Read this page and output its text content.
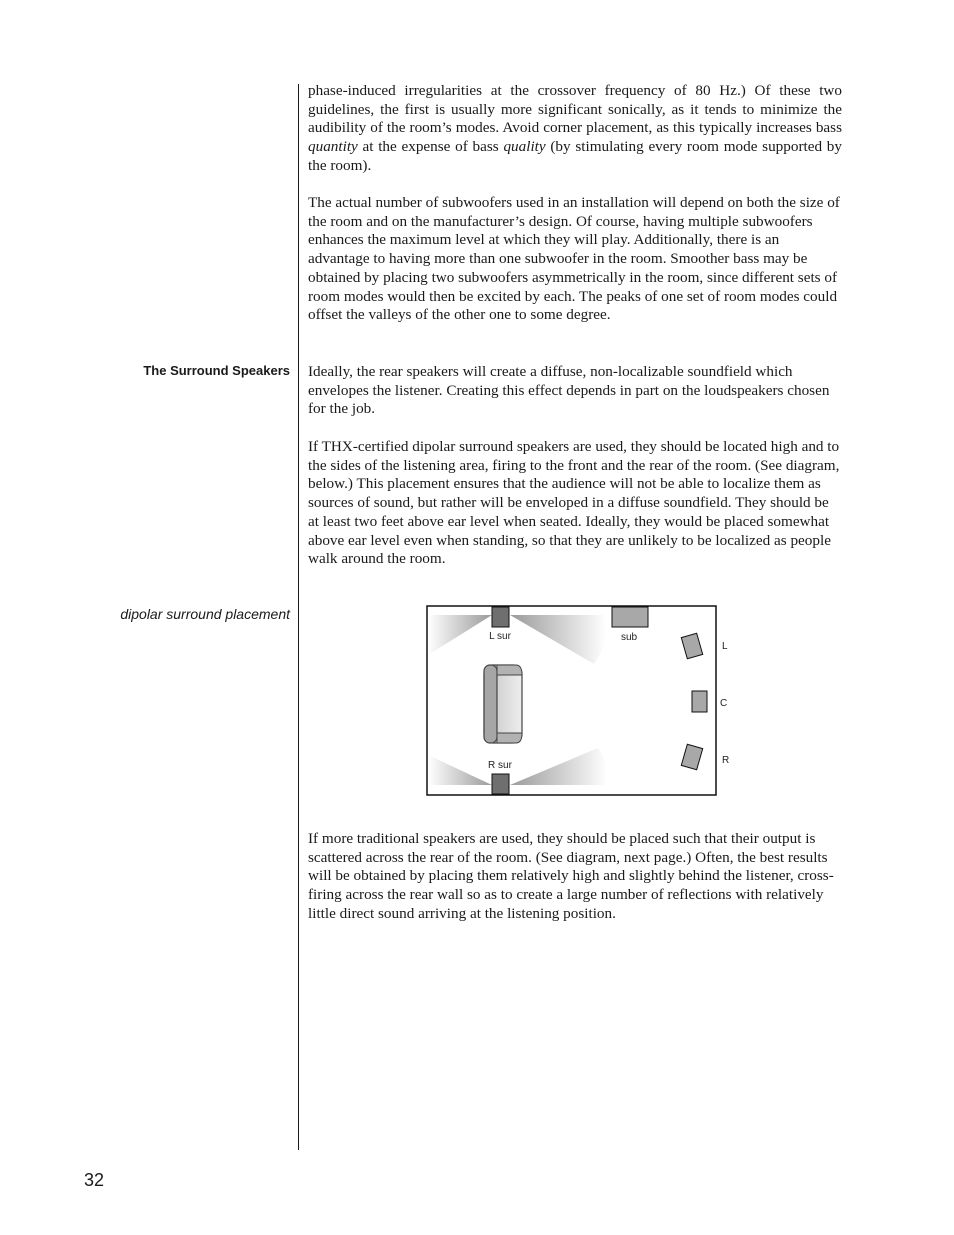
phase-induced irregularities at the crossover frequency of 80 Hz.) Of these two guidelines, the first is usually more significant sonically, as it tends to minimize the audibility of the room’s modes. Avoid corner placement, as this typically increases bass quantity at the expense of bass quality (by stimulating every room mode supported by the room).

The actual number of subwoofers used in an installation will depend on both the size of the room and on the manufacturer’s design. Of course, having multiple subwoofers enhances the maximum level at which they will play. Additionally, there is an advantage to having more than one subwoofer in the room. Smoother bass may be obtained by placing two subwoofers asymmetrically in the room, since different sets of room modes would then be excited by each. The peaks of one set of room modes could offset the valleys of the other one to some degree.

The Surround Speakers Ideally, the rear speakers will create a diffuse, non-localizable soundfield which envelopes the listener. Creating this effect depends in part on the loudspeakers chosen for the job.

If THX-certified dipolar surround speakers are used, they should be located high and to the sides of the listening area, firing to the front and the rear of the room. (See diagram, below.) This placement ensures that the audience will not be able to localize them as sources of sound, but rather will be enveloped in a diffuse soundfield. They should be at least two feet above ear level when seated. Ideally, they would be placed somewhat above ear level even when standing, so that they are unlikely to be localized as people walk around the room.

dipolar surround placement
L sur
R sur
sub
L
C
R

If more traditional speakers are used, they should be placed such that their output is scattered across the rear of the room. (See diagram, next page.) Often, the best results will be obtained by placing them relatively high and slightly behind the listener, cross-firing across the rear wall so as to create a large number of reflections with relatively little direct sound arriving at the listening position.

32
